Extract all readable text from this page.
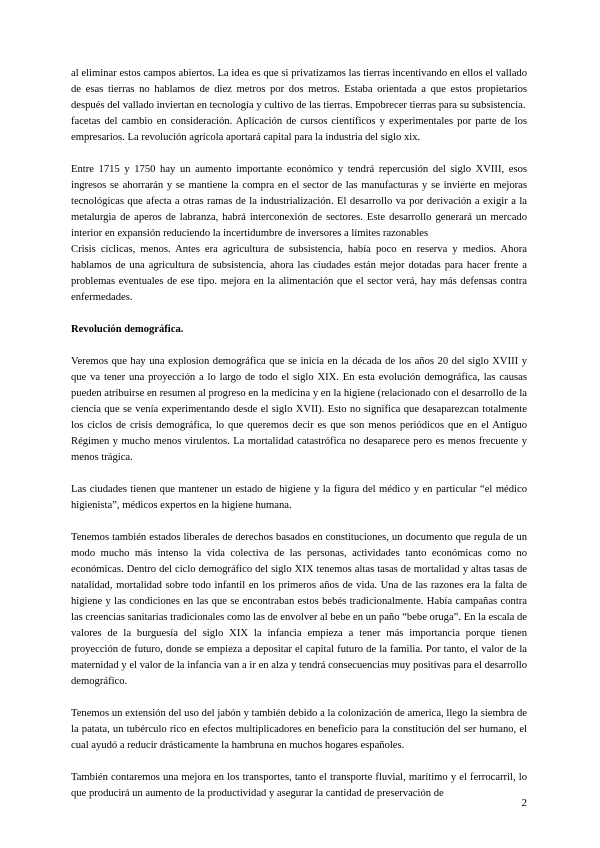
al eliminar estos campos abiertos. La idea es que si privatizamos las tierras incentivando en ellos el vallado de esas tierras no hablamos de diez metros por dos metros. Estaba orientada a que estos propietarios después del vallado inviertan en tecnología y cultivo de las tierras. Empobrecer tierras para su subsistencia.

facetas del cambio en consideración. Aplicación de cursos científicos y experimentales por parte de los empresarios. La revolución agrícola aportará capital para la industria del siglo xix.

Entre 1715 y 1750 hay un aumento importante económico y tendrá repercusión del siglo XVIII, esos ingresos se ahorrarán y se mantiene la compra en el sector de las manufacturas y se invierte en mejoras tecnológicas que afecta a otras ramas de la industrialización. El desarrollo va por derivación a exigir a la metalurgia de aperos de labranza, habrá interconexión de sectores. Este desarrollo generará un mercado interior en expansión reduciendo la incertidumbre de inversores a límites razonables

Crisis cíclicas, menos. Antes era agricultura de subsistencia, había poco en reserva y medios. Ahora hablamos de una agricultura de subsistencia, ahora las ciudades están mejor dotadas para hacer frente a problemas eventuales de ese tipo. mejora en la alimentación que el sector verá, hay más defensas contra enfermedades.

Revolución demográfica.

Veremos que hay una explosion demográfica que se inicia en la década de los años 20 del siglo XVIII y que va tener una proyección a lo largo de todo el siglo XIX. En esta evolución demográfica, las causas pueden atribuirse en resumen al progreso en la medicina y en la higiene (relacionado con el desarrollo de la ciencia que se venía experimentando desde el siglo XVII). Esto no significa que desaparezcan totalmente los ciclos de crisis demográfica, lo que queremos decir es que son menos periódicos que en el Antiguo Régimen y mucho menos virulentos. La mortalidad catastrófica no desaparece pero es menos frecuente y menos trágica.

Las ciudades tienen que mantener un estado de higiene y la figura del médico y en particular “el médico higienista”, médicos expertos en la higiene humana.

Tenemos también estados liberales de derechos basados en constituciones, un documento que regula de un modo mucho más intenso la vida colectiva de las personas, actividades tanto económicas como no económicas. Dentro del ciclo demográfico del siglo XIX tenemos altas tasas de mortalidad y altas tasas de natalidad, mortalidad sobre todo infantil en los primeros años de vida. Una de las razones era la falta de higiene y las condiciones en las que se encontraban estos bebés tradicionalmente. Había campañas contra las creencias sanitarias tradicionales como las de envolver al bebe en un paño “bebe oruga”. En la escala de valores de la burguesía del siglo XIX la infancia empieza a tener más importancia porque tienen proyección de futuro, donde se empieza a depositar el capital futuro de la familia. Por tanto, el valor de la maternidad y el valor de la infancia van a ir en alza y tendrá consecuencias muy positivas para el desarrollo demográfico.

Tenemos un extensión del uso del jabón y también debido a la colonización de america, llego la siembra de la patata, un tubérculo rico en efectos multiplicadores en beneficio para la constitución del ser humano, el cual ayudó a reducir drásticamente la hambruna en muchos hogares españoles.

También contaremos una mejora en los transportes, tanto el transporte fluvial, marítimo y el ferrocarril, lo que producirá un aumento de la productividad y asegurar la cantidad de preservación de

2
